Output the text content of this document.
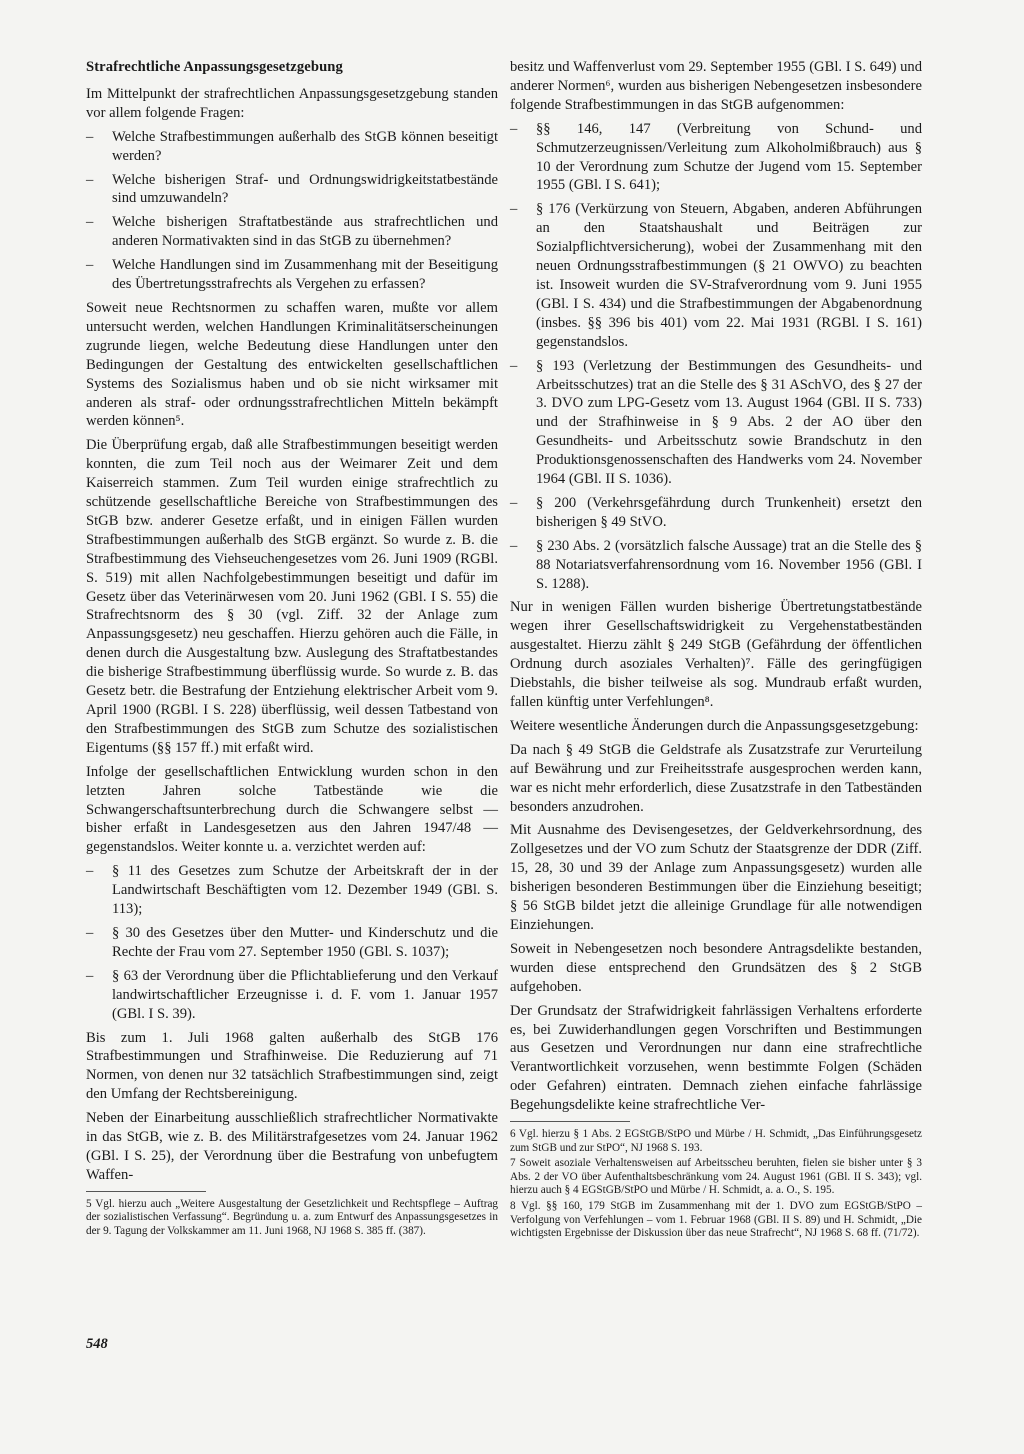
Strafrechtliche Anpassungsgesetzgebung

Im Mittelpunkt der strafrechtlichen Anpassungsgesetzgebung standen vor allem folgende Fragen:

– Welche Strafbestimmungen außerhalb des StGB können beseitigt werden?
– Welche bisherigen Straf- und Ordnungswidrigkeitstatbestände sind umzuwandeln?
– Welche bisherigen Straftatbestände aus strafrechtlichen und anderen Normativakten sind in das StGB zu übernehmen?
– Welche Handlungen sind im Zusammenhang mit der Beseitigung des Übertretungsstrafrechts als Vergehen zu erfassen?

Soweit neue Rechtsnormen zu schaffen waren, mußte vor allem untersucht werden, welchen Handlungen Kriminalitätserscheinungen zugrunde liegen, welche Bedeutung diese Handlungen unter den Bedingungen der Gestaltung des entwickelten gesellschaftlichen Systems des Sozialismus haben und ob sie nicht wirksamer mit anderen als straf- oder ordnungsstrafrechtlichen Mitteln bekämpft werden können⁵.

Die Überprüfung ergab, daß alle Strafbestimmungen beseitigt werden konnten, die zum Teil noch aus der Weimarer Zeit und dem Kaiserreich stammen. Zum Teil wurden einige strafrechtlich zu schützende gesellschaftliche Bereiche von Strafbestimmungen des StGB bzw. anderer Gesetze erfaßt, und in einigen Fällen wurden Strafbestimmungen außerhalb des StGB ergänzt. So wurde z. B. die Strafbestimmung des Viehseuchengesetzes vom 26. Juni 1909 (RGBl. S. 519) mit allen Nachfolgebestimmungen beseitigt und dafür im Gesetz über das Veterinärwesen vom 20. Juni 1962 (GBl. I S. 55) die Strafrechtsnorm des § 30 (vgl. Ziff. 32 der Anlage zum Anpassungsgesetz) neu geschaffen. Hierzu gehören auch die Fälle, in denen durch die Ausgestaltung bzw. Auslegung des Straftatbestandes die bisherige Strafbestimmung überflüssig wurde. So wurde z. B. das Gesetz betr. die Bestrafung der Entziehung elektrischer Arbeit vom 9. April 1900 (RGBl. I S. 228) überflüssig, weil dessen Tatbestand von den Strafbestimmungen des StGB zum Schutze des sozialistischen Eigentums (§§ 157 ff.) mit erfaßt wird.

Infolge der gesellschaftlichen Entwicklung wurden schon in den letzten Jahren solche Tatbestände wie die Schwangerschaftsunterbrechung durch die Schwangere selbst — bisher erfaßt in Landesgesetzen aus den Jahren 1947/48 — gegenstandslos. Weiter konnte u. a. verzichtet werden auf:

– § 11 des Gesetzes zum Schutze der Arbeitskraft der in der Landwirtschaft Beschäftigten vom 12. Dezember 1949 (GBl. S. 113);
– § 30 des Gesetzes über den Mutter- und Kinderschutz und die Rechte der Frau vom 27. September 1950 (GBl. S. 1037);
– § 63 der Verordnung über die Pflichtablieferung und den Verkauf landwirtschaftlicher Erzeugnisse i. d. F. vom 1. Januar 1957 (GBl. I S. 39).

Bis zum 1. Juli 1968 galten außerhalb des StGB 176 Strafbestimmungen und Strafhinweise. Die Reduzierung auf 71 Normen, von denen nur 32 tatsächlich Strafbestimmungen sind, zeigt den Umfang der Rechtsbereinigung.

Neben der Einarbeitung ausschließlich strafrechtlicher Normativakte in das StGB, wie z. B. des Militärstrafgesetzes vom 24. Januar 1962 (GBl. I S. 25), der Verordnung über die Bestrafung von unbefugtem Waffen-

5 Vgl. hierzu auch „Weitere Ausgestaltung der Gesetzlichkeit und Rechtspflege – Auftrag der sozialistischen Verfassung“. Begründung u. a. zum Entwurf des Anpassungsgesetzes in der 9. Tagung der Volkskammer am 11. Juni 1968, NJ 1968 S. 385 ff. (387).

besitz und Waffenverlust vom 29. September 1955 (GBl. I S. 649) und anderer Normen⁶, wurden aus bisherigen Nebengesetzen insbesondere folgende Strafbestimmungen in das StGB aufgenommen:

– §§ 146, 147 (Verbreitung von Schund- und Schmutzerzeugnissen/Verleitung zum Alkoholmißbrauch) aus § 10 der Verordnung zum Schutze der Jugend vom 15. September 1955 (GBl. I S. 641);
– § 176 (Verkürzung von Steuern, Abgaben, anderen Abführungen an den Staatshaushalt und Beiträgen zur Sozialpflichtversicherung), wobei der Zusammenhang mit den neuen Ordnungsstrafbestimmungen (§ 21 OWVO) zu beachten ist. Insoweit wurden die SV-Strafverordnung vom 9. Juni 1955 (GBl. I S. 434) und die Strafbestimmungen der Abgabenordnung (insbes. §§ 396 bis 401) vom 22. Mai 1931 (RGBl. I S. 161) gegenstandslos.
– § 193 (Verletzung der Bestimmungen des Gesundheits- und Arbeitsschutzes) trat an die Stelle des § 31 ASchVO, des § 27 der 3. DVO zum LPG-Gesetz vom 13. August 1964 (GBl. II S. 733) und der Strafhinweise in § 9 Abs. 2 der AO über den Gesundheits- und Arbeitsschutz sowie Brandschutz in den Produktionsgenossenschaften des Handwerks vom 24. November 1964 (GBl. II S. 1036).
– § 200 (Verkehrsgefährdung durch Trunkenheit) ersetzt den bisherigen § 49 StVO.
– § 230 Abs. 2 (vorsätzlich falsche Aussage) trat an die Stelle des § 88 Notariatsverfahrensordnung vom 16. November 1956 (GBl. I S. 1288).

Nur in wenigen Fällen wurden bisherige Übertretungstatbestände wegen ihrer Gesellschaftswidrigkeit zu Vergehenstatbeständen ausgestaltet. Hierzu zählt § 249 StGB (Gefährdung der öffentlichen Ordnung durch asoziales Verhalten)⁷. Fälle des geringfügigen Diebstahls, die bisher teilweise als sog. Mundraub erfaßt wurden, fallen künftig unter Verfehlungen⁸.

Weitere wesentliche Änderungen durch die Anpassungsgesetzgebung:

Da nach § 49 StGB die Geldstrafe als Zusatzstrafe zur Verurteilung auf Bewährung und zur Freiheitsstrafe ausgesprochen werden kann, war es nicht mehr erforderlich, diese Zusatzstrafe in den Tatbeständen besonders anzudrohen.

Mit Ausnahme des Devisengesetzes, der Geldverkehrsordnung, des Zollgesetzes und der VO zum Schutz der Staatsgrenze der DDR (Ziff. 15, 28, 30 und 39 der Anlage zum Anpassungsgesetz) wurden alle bisherigen besonderen Bestimmungen über die Einziehung beseitigt; § 56 StGB bildet jetzt die alleinige Grundlage für alle notwendigen Einziehungen.

Soweit in Nebengesetzen noch besondere Antragsdelikte bestanden, wurden diese entsprechend den Grundsätzen des § 2 StGB aufgehoben.

Der Grundsatz der Strafwidrigkeit fahrlässigen Verhaltens erforderte es, bei Zuwiderhandlungen gegen Vorschriften und Bestimmungen aus Gesetzen und Verordnungen nur dann eine strafrechtliche Verantwortlichkeit vorzusehen, wenn bestimmte Folgen (Schäden oder Gefahren) eintraten. Demnach ziehen einfache fahrlässige Begehungsdelikte keine strafrechtliche Ver-

6 Vgl. hierzu § 1 Abs. 2 EGStGB/StPO und Mürbe / H. Schmidt, „Das Einführungsgesetz zum StGB und zur StPO“, NJ 1968 S. 193.

7 Soweit asoziale Verhaltensweisen auf Arbeitsscheu beruhten, fielen sie bisher unter § 3 Abs. 2 der VO über Aufenthaltsbeschränkung vom 24. August 1961 (GBl. II S. 343); vgl. hierzu auch § 4 EGStGB/StPO und Mürbe / H. Schmidt, a. a. O., S. 195.

8 Vgl. §§ 160, 179 StGB im Zusammenhang mit der 1. DVO zum EGStGB/StPO – Verfolgung von Verfehlungen – vom 1. Februar 1968 (GBl. II S. 89) und H. Schmidt, „Die wichtigsten Ergebnisse der Diskussion über das neue Strafrecht“, NJ 1968 S. 68 ff. (71/72).

548
